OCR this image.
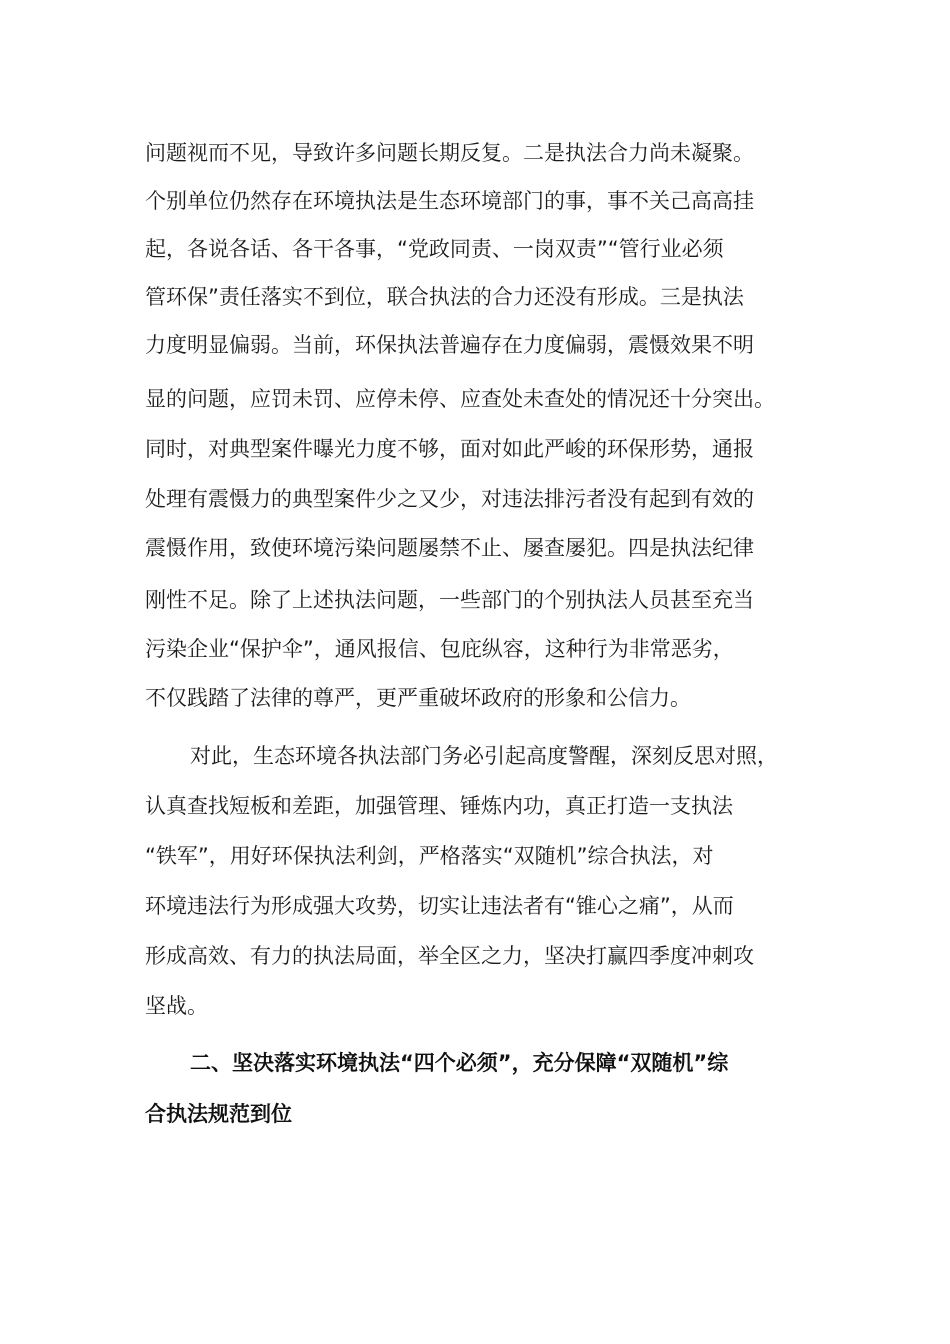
问题视而不见，导致许多问题长期反复。二是执法合力尚未凝聚。
个别单位仍然存在环境执法是生态环境部门的事，事不关己高高挂
起，各说各话、各干各事，“党政同责、一岗双责”“管行业必须
管环保”责任落实不到位，联合执法的合力还没有形成。三是执法
力度明显偏弱。当前，环保执法普遍存在力度偏弱，震慑效果不明
显的问题，应罚未罚、应停未停、应查处未查处的情况还十分突出。
同时，对典型案件曝光力度不够，面对如此严峻的环保形势，通报
处理有震慑力的典型案件少之又少，对违法排污者没有起到有效的
震慑作用，致使环境污染问题屡禁不止、屡查屡犯。四是执法纪律
刚性不足。除了上述执法问题，一些部门的个别执法人员甚至充当
污染企业“保护伞”，通风报信、包庇纵容，这种行为非常恶劣，
不仅践踏了法律的尊严，更严重破坏政府的形象和公信力。
对此，生态环境各执法部门务必引起高度警醒，深刻反思对照，
认真查找短板和差距，加强管理、锤炼内功，真正打造一支执法
“铁军”，用好环保执法利剑，严格落实“双随机”综合执法，对
环境违法行为形成强大攻势，切实让违法者有“锥心之痛”，从而
形成高效、有力的执法局面，举全区之力，坚决打赢四季度冲刺攻
坚战。
二、坚决落实环境执法“四个必须”，充分保障“双随机”综
合执法规范到位
